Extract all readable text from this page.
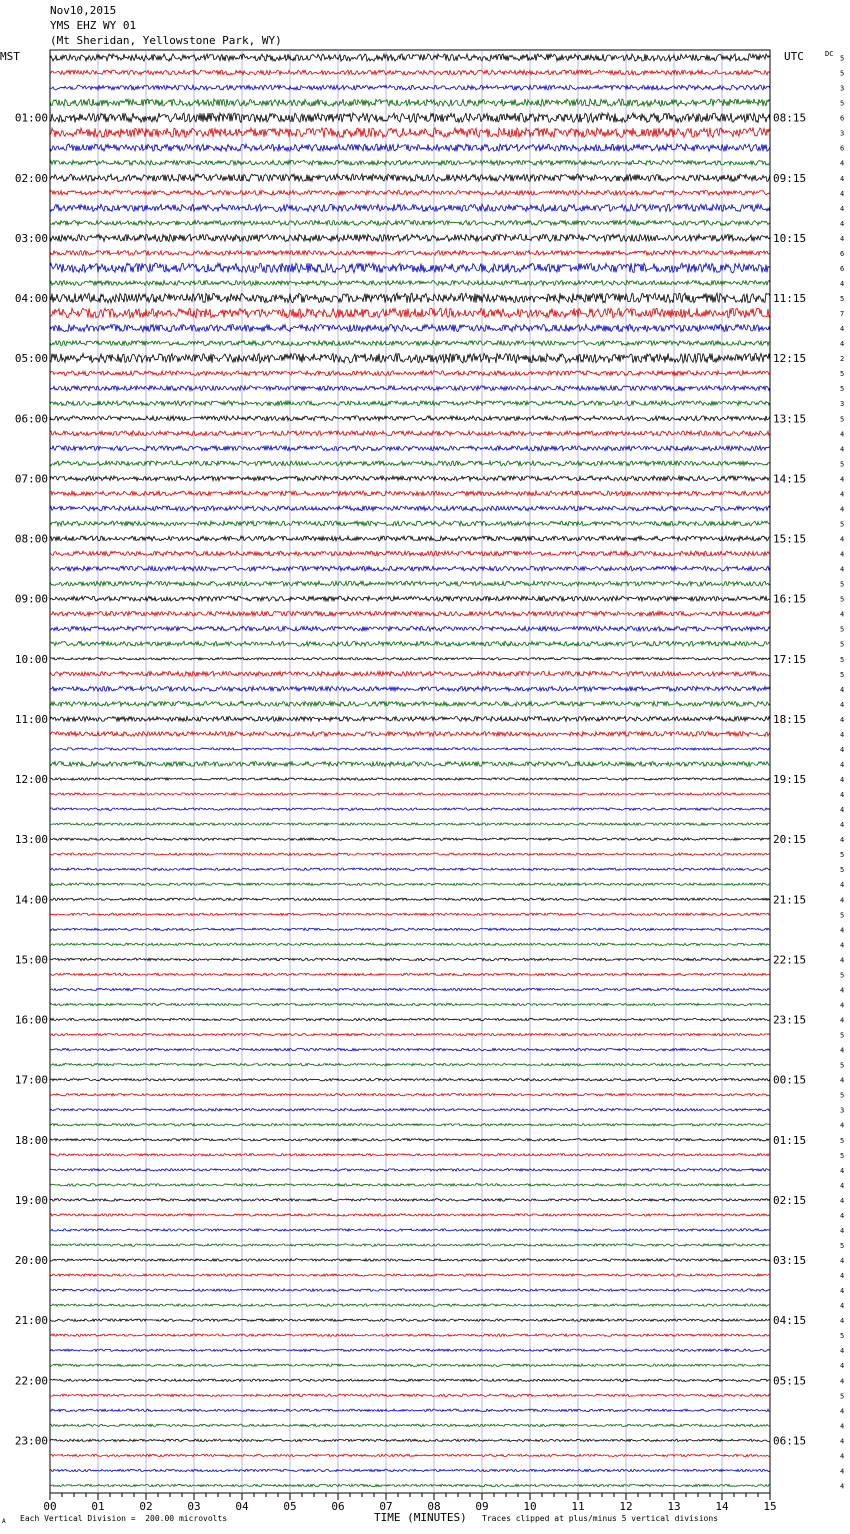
Nov10,2015
YMS EHZ WY 01
(Mt Sheridan, Yellowstone Park, WY)
MST	UTC	DC
00	01	02	03	04	05	06	07	08	09	10	11	12	13	14	15
5
5
3
5
6
3
6
4
4
4
4
4
4
6
6
4
5
7
4
4
2
5
5
3
5
4
4
5
4
4
4
5
4
4
4
5
5
4
5
5
5
5
4
4
4
4
4
4
4
4
4
4
4
5
5
4
4
5
4
4
4
5
4
4
4
5
4
5
4
5
3
4
5
5
4
4
4
4
4
5
4
4
4
4
4
5
4
4
4
5
4
4
4
4
4
4
01:00
02:00
03:00
04:00
05:00
06:00
07:00
08:00
09:00
10:00
11:00
12:00
13:00
14:00
15:00
16:00
17:00
18:00
19:00
20:00
21:00
22:00
23:00
08:15
09:15
10:15
11:15
12:15
13:15
14:15
15:15
16:15
17:15
18:15
19:15
20:15
21:15
22:15
23:15
00:15
01:15
02:15
03:15
04:15
05:15
06:15
A Each Vertical Division =  200.00 microvolts	TIME (MINUTES) Traces clipped at plus/minus 5 vertical divisions
